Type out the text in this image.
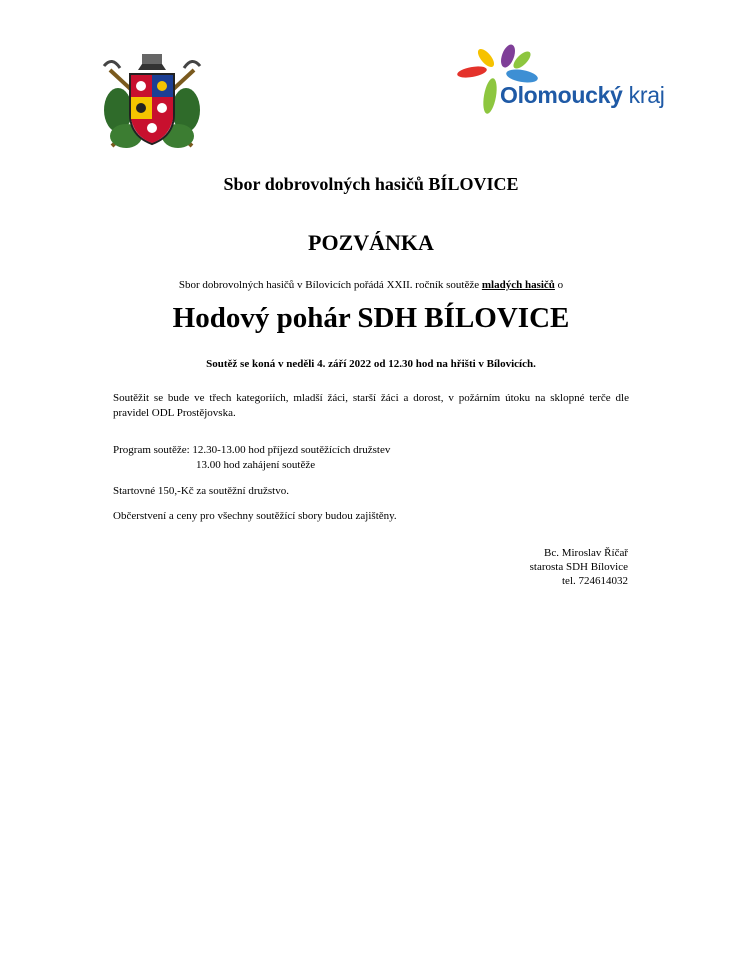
Olomoucký kraj
Sbor dobrovolných hasičů BÍLOVICE
POZVÁNKA
Sbor dobrovolných hasičů v Bílovicích pořádá XXII. ročník soutěže mladých hasičů o
Hodový pohár SDH BÍLOVICE
Soutěž se koná v neděli 4. září 2022 od 12.30 hod na hřišti v Bílovicích.
Soutěžit se bude ve třech kategoriích, mladší žáci, starší žáci a dorost, v požárním útoku na sklopné terče dle pravidel ODL Prostějovska.
Program soutěže: 12.30-13.00 hod příjezd soutěžících družstev
13.00 hod zahájení soutěže
Startovné 150,-Kč za soutěžní družstvo.
Občerstvení a ceny pro všechny soutěžící sbory budou zajištěny.
Bc. Miroslav Říčař
starosta SDH Bílovice
tel. 724614032
